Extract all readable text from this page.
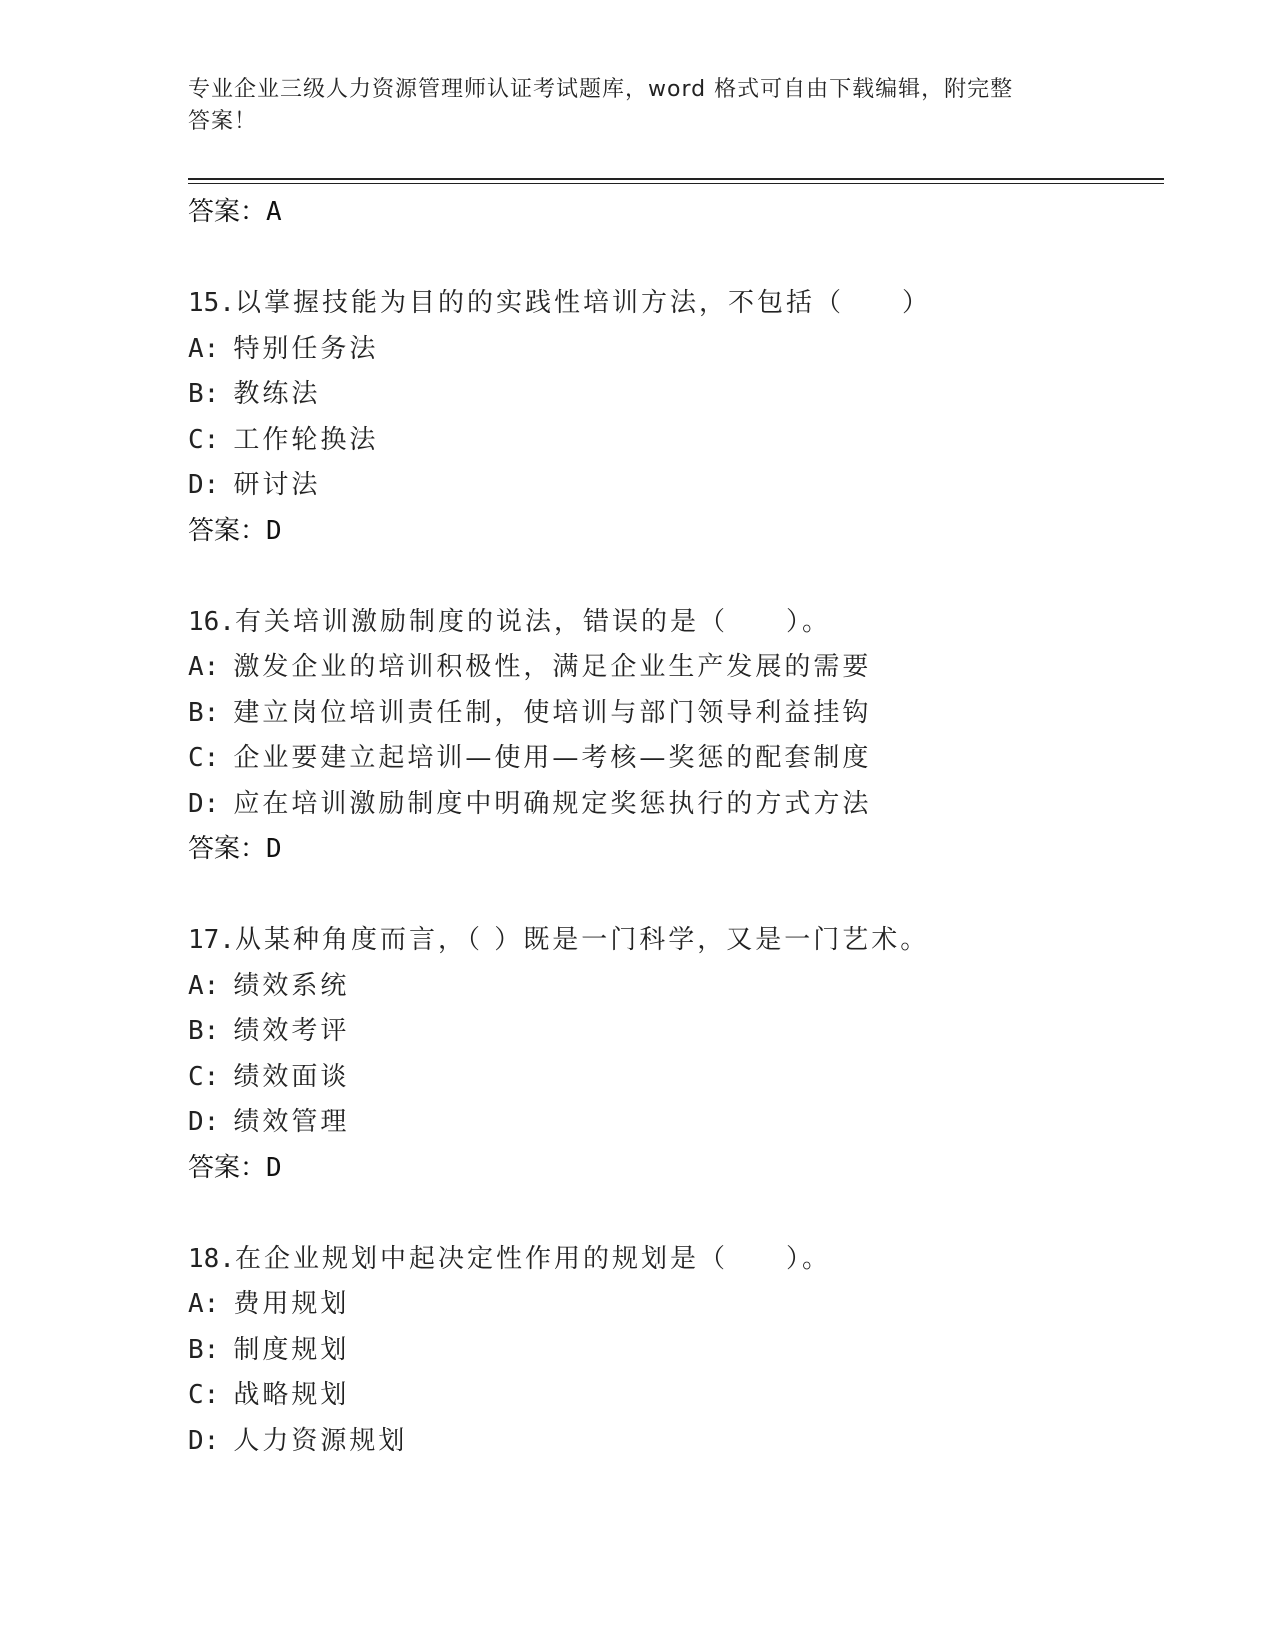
专业企业三级人力资源管理师认证考试题库，word 格式可自由下载编辑，附完整
答案！
答案：A
15.以掌握技能为目的的实践性培训方法，不包括（　　）
A: 特别任务法
B: 教练法
C: 工作轮换法
D: 研讨法
答案：D
16.有关培训激励制度的说法，错误的是（　　）。
A: 激发企业的培训积极性，满足企业生产发展的需要
B: 建立岗位培训责任制，使培训与部门领导利益挂钩
C: 企业要建立起培训—使用—考核—奖惩的配套制度
D: 应在培训激励制度中明确规定奖惩执行的方式方法
答案：D
17.从某种角度而言，（ ）既是一门科学，又是一门艺术。
A: 绩效系统
B: 绩效考评
C: 绩效面谈
D: 绩效管理
答案：D
18.在企业规划中起决定性作用的规划是（　　）。
A: 费用规划
B: 制度规划
C: 战略规划
D: 人力资源规划
